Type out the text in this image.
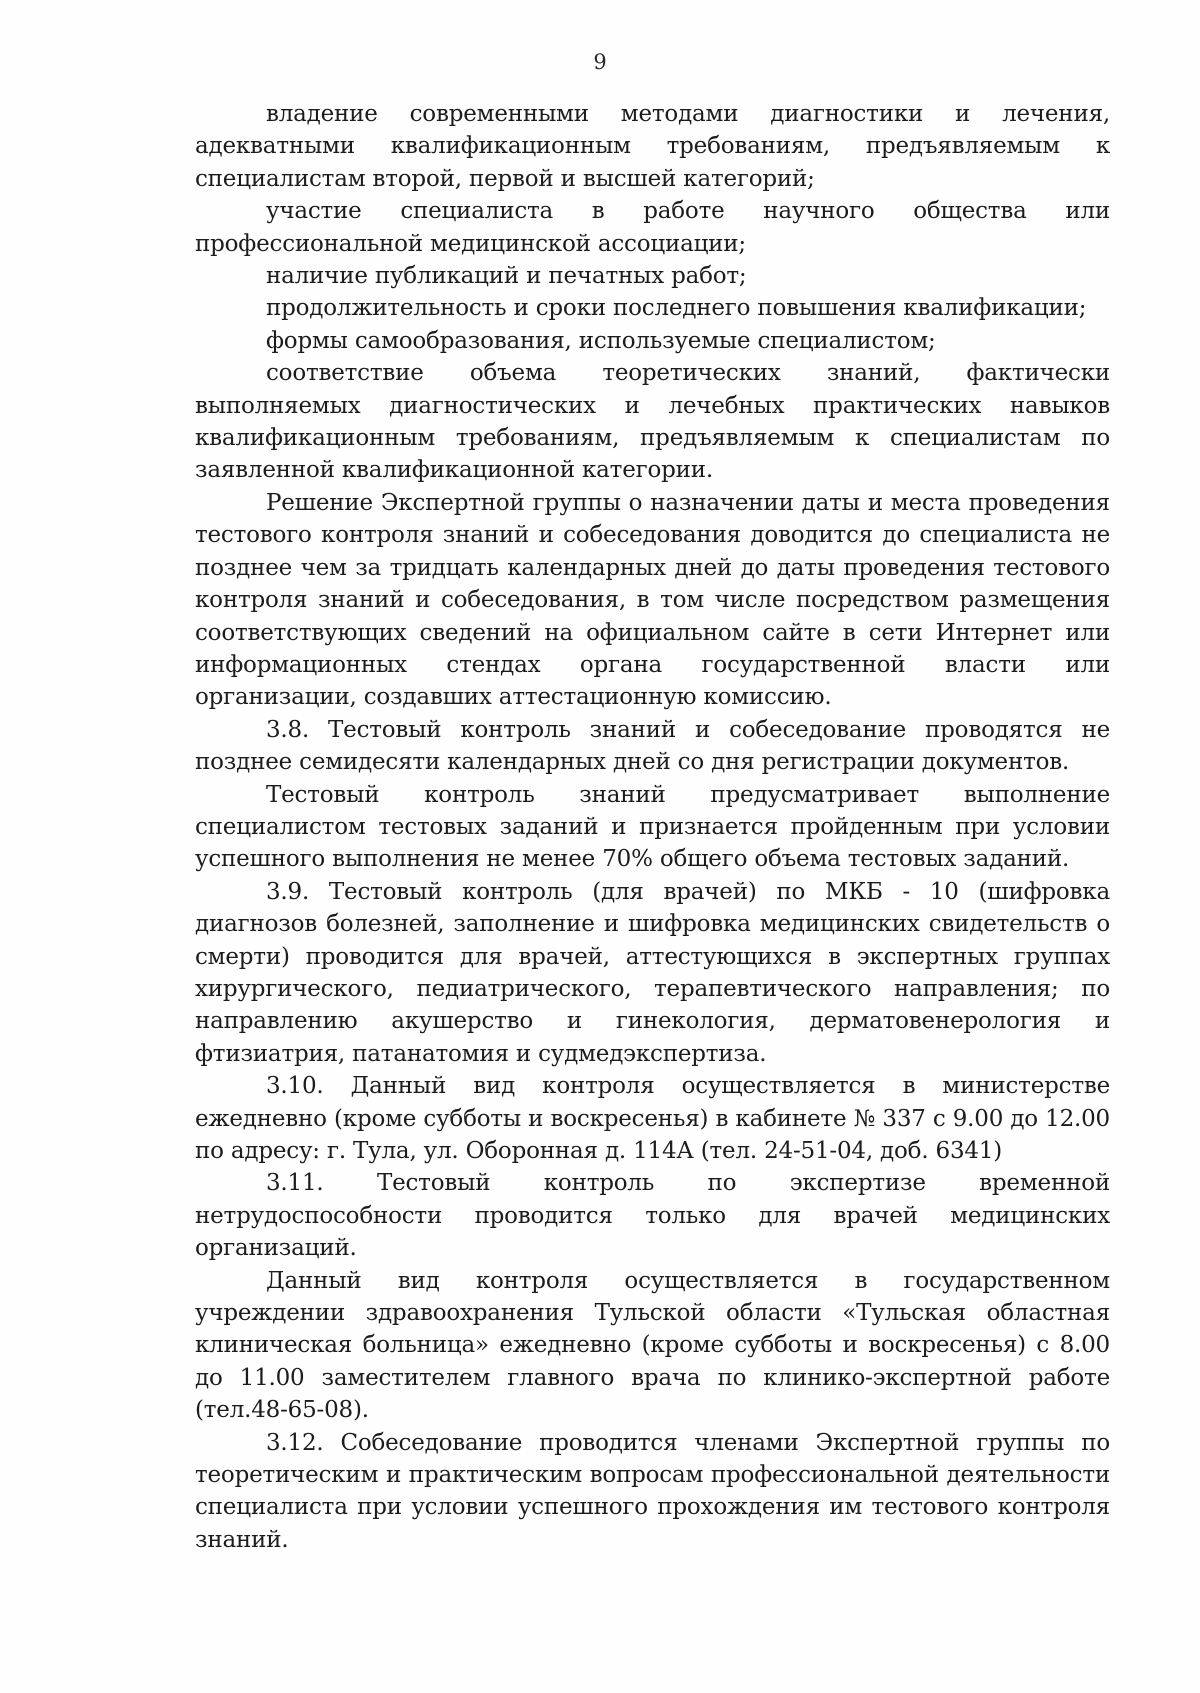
9

владение современными методами диагностики и лечения, адекватными квалификационным требованиям, предъявляемым к специалистам второй, первой и высшей категорий;

участие специалиста в работе научного общества или профессиональной медицинской ассоциации;

наличие публикаций и печатных работ;

продолжительность и сроки последнего повышения квалификации;

формы самообразования, используемые специалистом;

соответствие объема теоретических знаний, фактически выполняемых диагностических и лечебных практических навыков квалификационным требованиям, предъявляемым к специалистам по заявленной квалификационной категории.

Решение Экспертной группы о назначении даты и места проведения тестового контроля знаний и собеседования доводится до специалиста не позднее чем за тридцать календарных дней до даты проведения тестового контроля знаний и собеседования, в том числе посредством размещения соответствующих сведений на официальном сайте в сети Интернет или информационных стендах органа государственной власти или организации, создавших аттестационную комиссию.

3.8. Тестовый контроль знаний и собеседование проводятся не позднее семидесяти календарных дней со дня регистрации документов.

Тестовый контроль знаний предусматривает выполнение специалистом тестовых заданий и признается пройденным при условии успешного выполнения не менее 70% общего объема тестовых заданий.

3.9. Тестовый контроль (для врачей) по МКБ - 10 (шифровка диагнозов болезней, заполнение и шифровка медицинских свидетельств о смерти) проводится для врачей, аттестующихся в экспертных группах хирургического, педиатрического, терапевтического направления; по направлению акушерство и гинекология, дерматовенерология и фтизиатрия, патанатомия и судмедэкспертиза.

3.10. Данный вид контроля осуществляется в министерстве ежедневно (кроме субботы и воскресенья) в кабинете № 337 с 9.00 до 12.00 по адресу: г. Тула, ул. Оборонная д. 114А (тел. 24-51-04, доб. 6341)

3.11. Тестовый контроль по экспертизе временной нетрудоспособности проводится только для врачей медицинских организаций.

Данный вид контроля осуществляется в государственном учреждении здравоохранения Тульской области «Тульская областная клиническая больница» ежедневно (кроме субботы и воскресенья) с 8.00 до 11.00 заместителем главного врача по клинико-экспертной работе (тел.48-65-08).

3.12. Собеседование проводится членами Экспертной группы по теоретическим и практическим вопросам профессиональной деятельности специалиста при условии успешного прохождения им тестового контроля знаний.
